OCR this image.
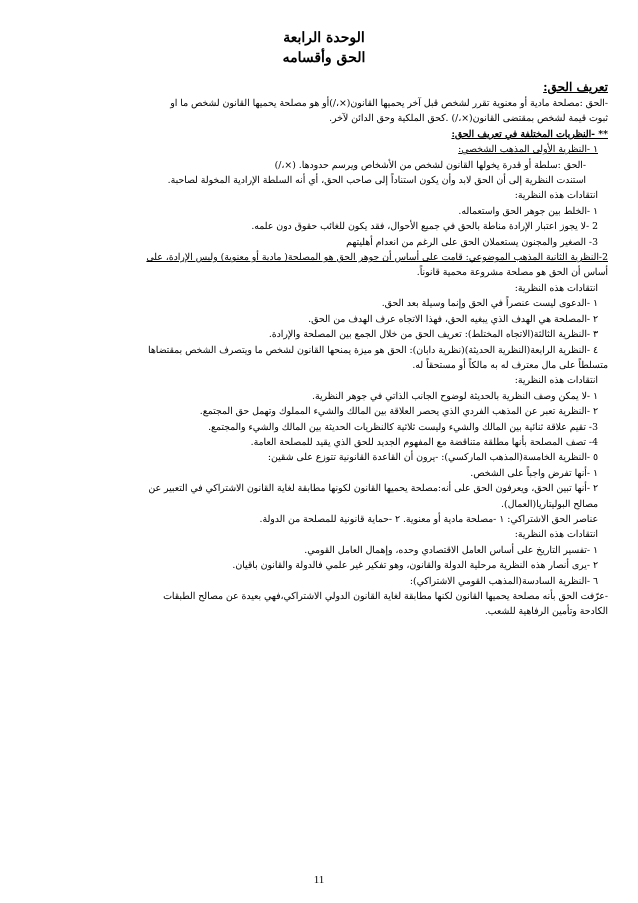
الوحدة الرابعة
الحق وأقسامه
تعريف الحق:
-الحق :مصلحة مادية أو معنوية تقرر لشخص قبل آخر يحميها القانون(×،/)أو هو مصلحة يحميها القانون لشخص ما او
ثبوت قيمة لشخص بمقتضى القانون(×،/) .كحق الملكية وحق الدائن لآخر.
** -النظريات المختلفة في تعريف الحق:
١ -النظرية الأولى المذهب الشخصي:
-الحق :سلطة أو قدرة يخولها القانون لشخص من الأشخاص ويرسم حدودها. (×،/)
استندت النظرية إلى أن الحق لابد وأن يكون استناداً إلى صاحب الحق، أي أنه السلطة الإرادية المخولة لصاحبة.
انتقادات هذه النظرية:
١ -الخلط بين جوهر الحق واستعماله.
2 -لا يجوز اعتبار الإرادة مناطة بالحق في جميع الأحوال، فقد يكون للغائب حقوق دون علمه.
3- الصغير والمجنون يستعملان الحق على الرغم من انعدام أهليتهم
2-النظرية الثانية المذهب الموضوعي: قامت على أساس أن جوهر الحق هو المصلحة( مادية أو معنوية) وليس الإرادة، على
أساس أن الحق هو مصلحة مشروعة محمية قانوناً.
انتقادات هذه النظرية:
١ -الدعوى ليست عنصراً في الحق وإنما وسيلة بعد الحق.
٢ -المصلحة هي الهدف الذي يبغيه الحق، فهذا الاتجاه عرف الهدف من الحق.
٣ -النظرية الثالثة(الاتجاه المختلط): تعريف الحق من خلال الجمع بين المصلحة والإرادة.
٤ -النظرية الرابعة(النظرية الحديثة)(نظرية دابان): الحق هو ميزة يمنحها القانون لشخص ما ويتصرف الشخص بمقتضاها
متسلطاً على مال معترف له به مالكاً أو مستحقاً له.
انتقادات هذه النظرية:
١ -لا يمكن وصف النظرية بالحديثة لوضوح الجانب الذاتي في جوهر النظرية.
٢ -النظرية تعبر عن المذهب الفردي الذي يحصر العلاقة بين المالك والشيء المملوك وتهمل حق المجتمع.
3- تقيم علاقة ثنائية بين المالك والشيء وليست ثلاثية كالنظريات الحديثة بين المالك والشيء والمجتمع.
4- تصف المصلحة بأنها مطلقة متناقضة مع المفهوم الجديد للحق الذي يقيد للمصلحة العامة.
٥ -النظرية الخامسة(المذهب الماركسي): -يرون أن القاعدة القانونية تتوزع على شقين:
١ -أنها تفرض واجباً على الشخص.
٢ -أنها تبين الحق، ويعرفون الحق على أنه:مصلحة يحميها القانون لكونها مطابقة لغاية القانون الاشتراكي في التعبير عن
مصالح البوليتاريا(العمال).
عناصر الحق الاشتراكي: ١ -مصلحة مادية أو معنوية. ٢ -حماية قانونية للمصلحة من الدولة.
انتقادات هذه النظرية:
١ -تفسير التاريخ على أساس العامل الاقتصادي وحده، وإهمال العامل القومي.
٢ -يرى أنصار هذه النظرية مرحلية الدولة والقانون، وهو تفكير غير علمي فالدولة والقانون باقيان.
٦ -النظرية السادسة(المذهب القومي الاشتراكي):
-عرّفت الحق بأنه مصلحة يحميها القانون لكنها مطابقة لغاية القانون الدولي الاشتراكي،فهي بعيدة عن مصالح الطبقات
الكادحة وتأمين الرفاهية للشعب.
11
